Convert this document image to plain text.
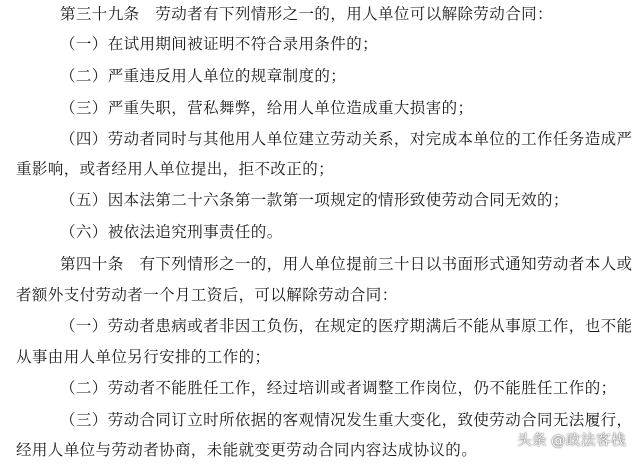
第三十九条　劳动者有下列情形之一的，用人单位可以解除劳动合同：
（一）在试用期间被证明不符合录用条件的；
（二）严重违反用人单位的规章制度的；
（三）严重失职，营私舞弊，给用人单位造成重大损害的；
（四）劳动者同时与其他用人单位建立劳动关系，对完成本单位的工作任务造成严
重影响，或者经用人单位提出，拒不改正的；
（五）因本法第二十六条第一款第一项规定的情形致使劳动合同无效的；
（六）被依法追究刑事责任的。
第四十条　有下列情形之一的，用人单位提前三十日以书面形式通知劳动者本人或
者额外支付劳动者一个月工资后，可以解除劳动合同：
（一）劳动者患病或者非因工负伤，在规定的医疗期满后不能从事原工作，也不能
从事由用人单位另行安排的工作的；
（二）劳动者不能胜任工作，经过培训或者调整工作岗位，仍不能胜任工作的；
（三）劳动合同订立时所依据的客观情况发生重大变化，致使劳动合同无法履行，
经用人单位与劳动者协商，未能就变更劳动合同内容达成协议的。	头条 @政法客栈
